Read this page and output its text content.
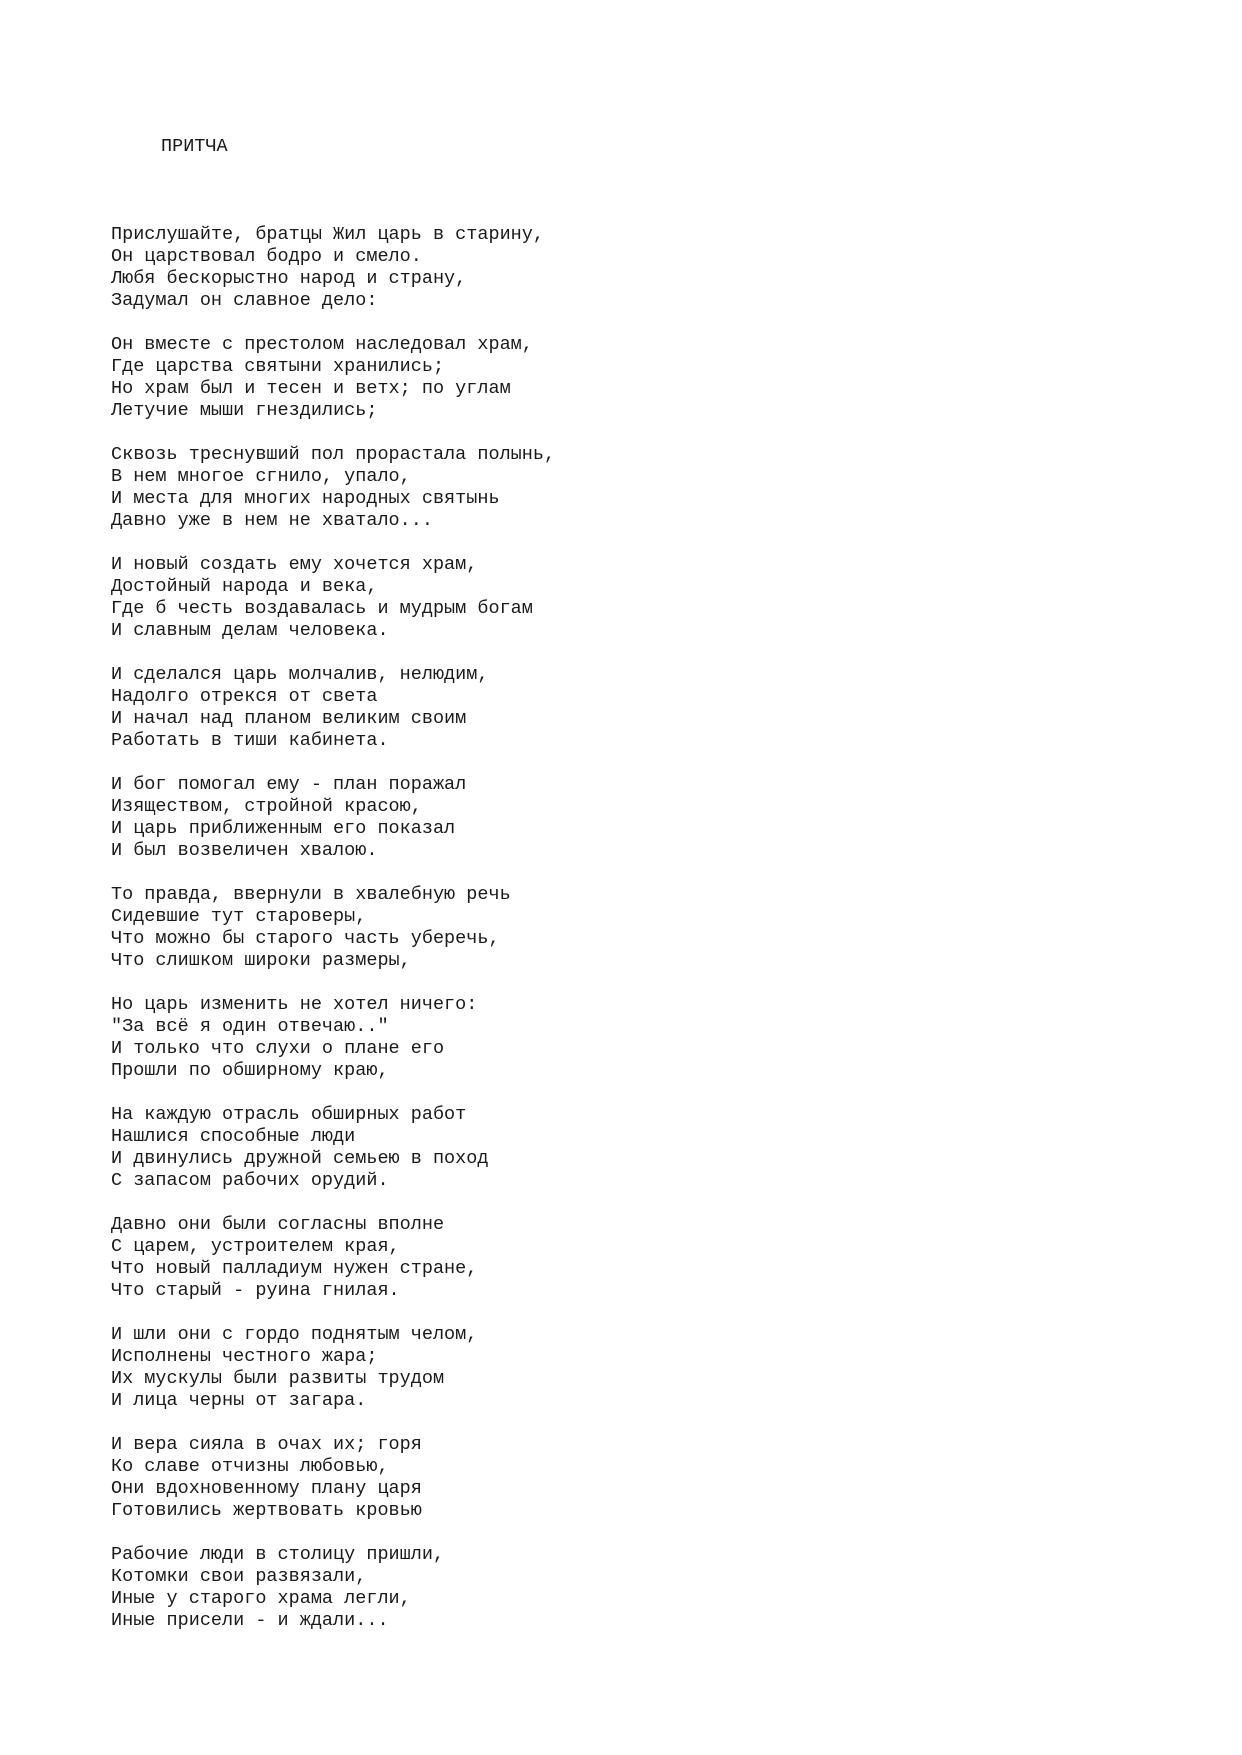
ПРИТЧА
Прислушайте, братцы Жил царь в старину,
Он царствовал бодро и смело.
Любя бескорыстно народ и страну,
Задумал он славное дело:
Он вместе с престолом наследовал храм,
Где царства святыни хранились;
Но храм был и тесен и ветх; по углам
Летучие мыши гнездились;
Сквозь треснувший пол прорастала полынь,
В нем многое сгнило, упало,
И места для многих народных святынь
Давно уже в нем не хватало...
И новый создать ему хочется храм,
Достойный народа и века,
Где б честь воздавалась и мудрым богам
И славным делам человека.
И сделался царь молчалив, нелюдим,
Надолго отрекся от света
И начал над планом великим своим
Работать в тиши кабинета.
И бог помогал ему - план поражал
Изяществом, стройной красою,
И царь приближенным его показал
И был возвеличен хвалою.
То правда, ввернули в хвалебную речь
Сидевшие тут староверы,
Что можно бы старого часть уберечь,
Что слишком широки размеры,
Но царь изменить не хотел ничего:
"За всё я один отвечаю.."
И только что слухи о плане его
Прошли по обширному краю,
На каждую отрасль обширных работ
Нашлися способные люди
И двинулись дружной семьею в поход
С запасом рабочих орудий.
Давно они были согласны вполне
С царем, устроителем края,
Что новый палладиум нужен стране,
Что старый - руина гнилая.
И шли они с гордо поднятым челом,
Исполнены честного жара;
Их мускулы были развиты трудом
И лица черны от загара.
И вера сияла в очах их; горя
Ко славе отчизны любовью,
Они вдохновенному плану царя
Готовились жертвовать кровью
Рабочие люди в столицу пришли,
Котомки свои развязали,
Иные у старого храма легли,
Иные присели - и ждали...
